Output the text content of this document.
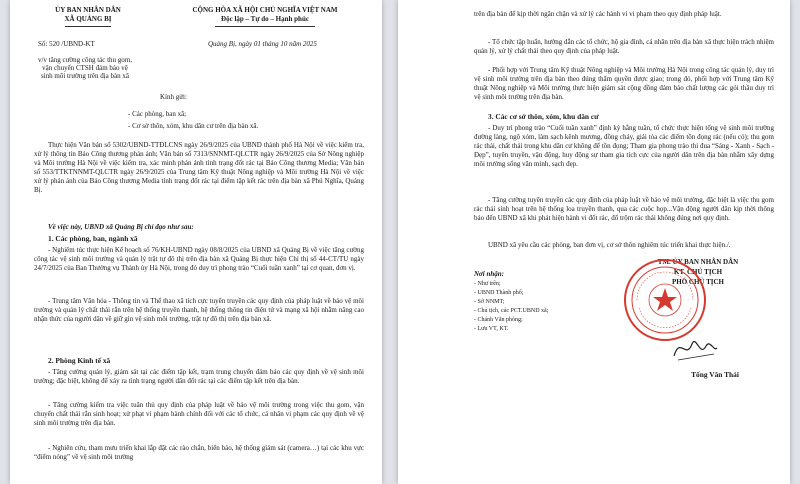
ỦY BAN NHÂN DÂN
XÃ QUẢNG BỊ
CỘNG HÒA XÃ HỘI CHỦ NGHĨA VIỆT NAM
Độc lập – Tự do – Hạnh phúc
Số: 520 /UBND-KT	Quảng Bị, ngày 01 tháng 10 năm 2025
v/v tăng cường công tác thu gom,
vận chuyển CTSH đảm bảo vệ
sinh môi trường trên địa bàn xã
Kính gửi:
- Các phòng, ban xã;
- Cơ sở thôn, xóm, khu dân cư trên địa bàn xã.

Thực hiện Văn bản số 5302/UBND-TTĐLCNS ngày 26/9/2025 của UBND thành phố Hà Nội về việc kiểm tra, xử lý thông tin Báo Công thương phản ánh; Văn bản số 7313/SNNMT-QLCTR ngày 26/9/2025 của Sở Nông nghiệp và Môi trường Hà Nội về việc kiểm tra, xác minh phản ánh tình trạng đốt rác tại Báo Công thương Media; Văn bản số 553/TTKTNNMT-QLCTR ngày 26/9/2025 của Trung tâm Kỹ thuật Nông nghiệp và Môi trường Hà Nội về việc xử lý phản ánh của Báo Công thương Media tình trạng đốt rác tại điểm tập kết rác trên địa bàn xã Phú Nghĩa, Quảng Bị.

Về việc này, UBND xã Quảng Bị chỉ đạo như sau:
1. Các phòng, ban, ngành xã

- Nghiêm túc thực hiện Kế hoạch số 76/KH-UBND ngày 08/8/2025 của UBND xã Quảng Bị về việc tăng cường công tác vệ sinh môi trường và quản lý trật tự đô thị trên địa bàn xã Quảng Bị thực hiện Chỉ thị số 44-CT/TU ngày 24/7/2025 của Ban Thường vụ Thành ủy Hà Nội, trong đó duy trì phong trào “Cuối tuần xanh” tại cơ quan, đơn vị.

- Trung tâm Văn hóa - Thông tin và Thể thao xã tích cực tuyên truyền các quy định của pháp luật về bảo vệ môi trường và quản lý chất thải rắn trên hệ thống truyền thanh, hệ thống thông tin điện tử và mạng xã hội nhằm nâng cao nhận thức của người dân về giữ gìn vệ sinh môi trường, trật tự đô thị trên địa bàn xã.

2. Phòng Kinh tế xã

- Tăng cường quản lý, giám sát tại các điểm tập kết, trạm trung chuyển đảm bảo các quy định về vệ sinh môi trường; đặc biệt, không để xảy ra tình trạng người dân đốt rác tại các điểm tập kết trên địa bàn.

- Tăng cường kiểm tra việc tuân thủ quy định của pháp luật về bảo vệ môi trường trong việc thu gom, vận chuyển chất thải rắn sinh hoạt; xử phạt vi phạm hành chính đối với các tổ chức, cá nhân vi phạm các quy định về vệ sinh môi trường trên địa bàn.

- Nghiên cứu, tham mưu triển khai lắp đặt các rào chắn, biển báo, hệ thống giám sát (camera…) tại các khu vực “điểm nóng” về vệ sinh môi trường

trên địa bàn để kịp thời ngăn chặn và xử lý các hành vi vi phạm theo quy định pháp luật.

- Tổ chức tập huấn, hướng dẫn các tổ chức, hộ gia đình, cá nhân trên địa bàn xã thực hiện trách nhiệm quản lý, xử lý chất thải theo quy định của pháp luật.

- Phối hợp với Trung tâm Kỹ thuật Nông nghiệp và Môi trường Hà Nội trong công tác quản lý, duy trì vệ sinh môi trường trên địa bàn theo đúng thẩm quyền được giao; trong đó, phối hợp với Trung tâm Kỹ thuật Nông nghiệp và Môi trường thực hiện giám sát cộng đồng đảm bảo chất lượng các gói thầu duy trì vệ sinh môi trường trên địa bàn.

3. Các cơ sở thôn, xóm, khu dân cư

- Duy trì phong trào “Cuối tuần xanh” định kỳ hằng tuần, tổ chức thực hiện tổng vệ sinh môi trường đường làng, ngõ xóm, làm sạch kênh mương, đồng chảy, giải tỏa các điểm tồn đọng rác (nếu có); thu gom rác thải, chất thải trong khu dân cư không để tồn đọng; Tham gia phong trào thi đua “Sáng - Xanh - Sạch - Đẹp”, tuyên truyền, vận động, huy động sự tham gia tích cực của người dân trên địa bàn nhằm xây dựng môi trường sống văn minh, sạch đẹp.

- Tăng cường tuyên truyền các quy định của pháp luật về bảo vệ môi trường, đặc biệt là việc thu gom rác thải sinh hoạt trên hệ thống loa truyền thanh, qua các cuộc họp...Vận động người dân kịp thời thông báo đến UBND xã khi phát hiện hành vi đốt rác, đổ trộm rác thải không đúng nơi quy định.

UBND xã yêu cầu các phòng, ban đơn vị, cơ sở thôn nghiêm túc triển khai thực hiện./.

Nơi nhận:
- Như trên;
- UBND Thành phố;
- Sở NNMT;
- Chủ tịch, các PCT.UBND xã;
- Chánh Văn phòng;
- Lưu VT, KT.
TM. ỦY BAN NHÂN DÂN
KT. CHỦ TỊCH
PHÓ CHỦ TỊCH
Tống Văn Thái
